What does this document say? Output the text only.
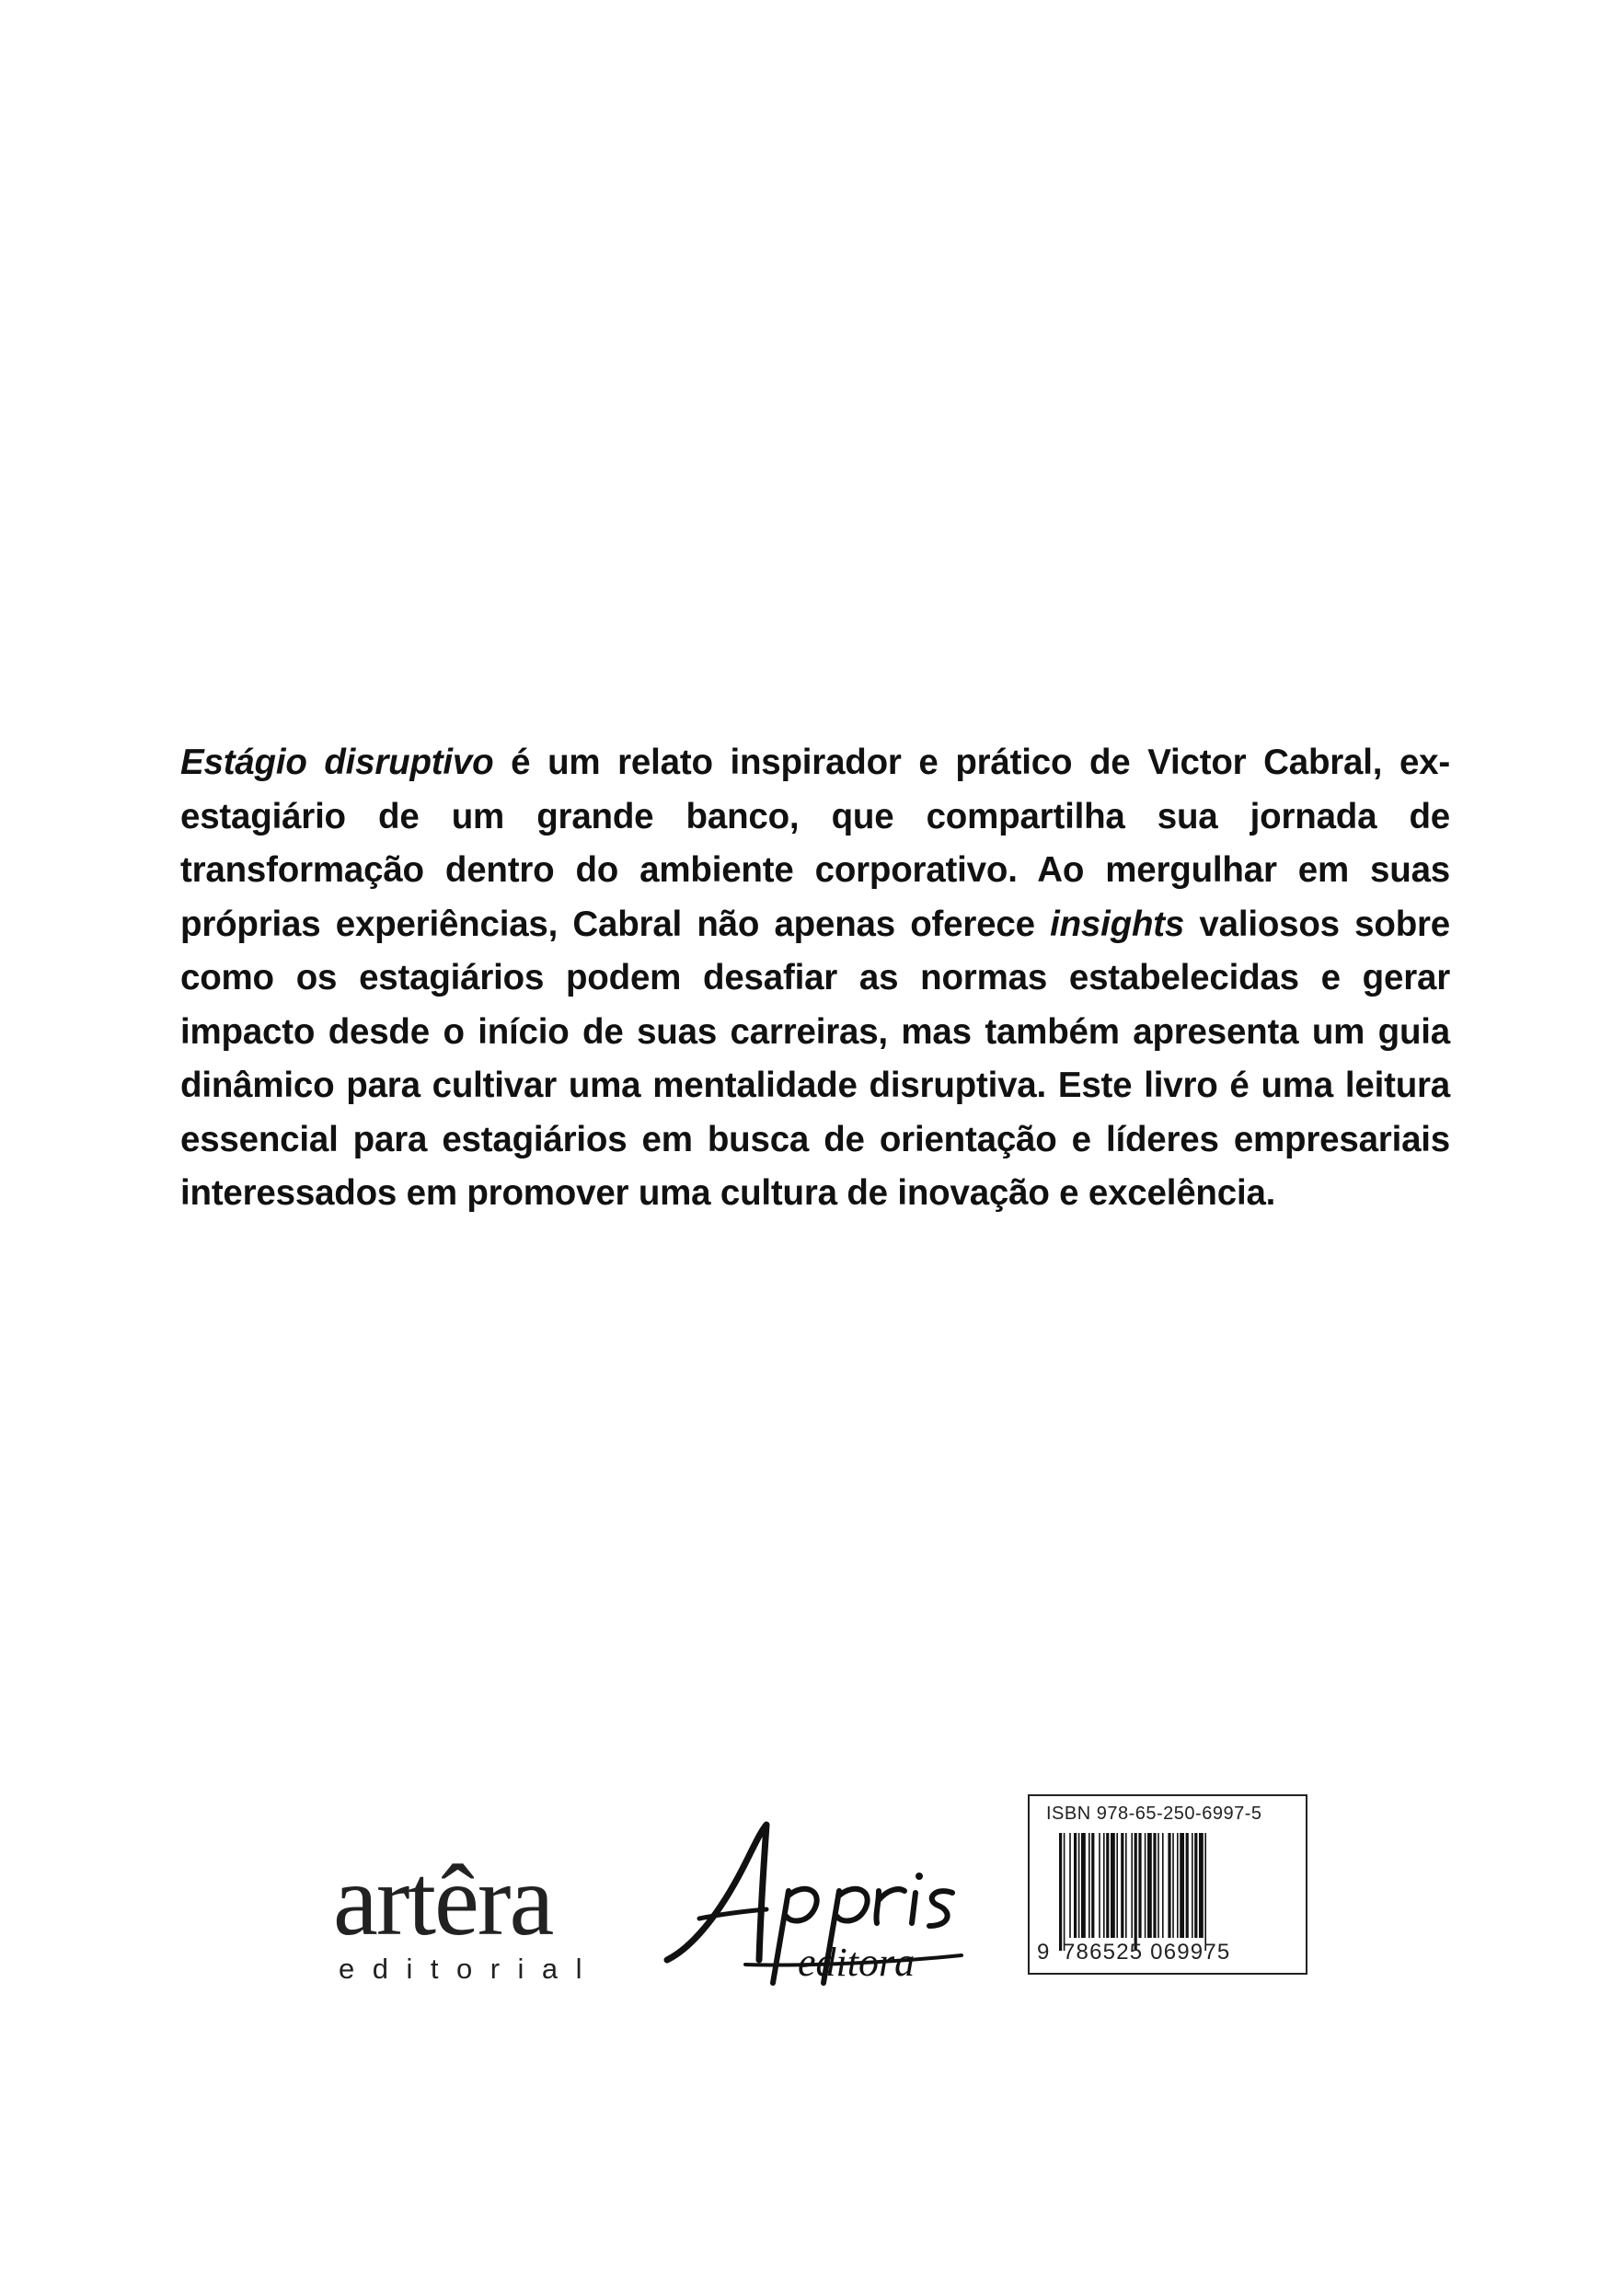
Estágio disruptivo é um relato inspirador e prático de Victor Cabral, ex-estagiário de um grande banco, que compartilha sua jornada de transformação dentro do ambiente corporativo. Ao mergulhar em suas próprias experiências, Cabral não apenas oferece insights valiosos sobre como os estagiários podem desafiar as normas estabelecidas e gerar impacto desde o início de suas carreiras, mas também apresenta um guia dinâmico para cultivar uma mentalidade disruptiva. Este livro é uma leitura essencial para estagiários em busca de orientação e líderes empresariais interessados em promover uma cultura de inovação e excelência.

artêra
editorial	editora
ISBN 978-65-250-6997-5
9 786525 069975
